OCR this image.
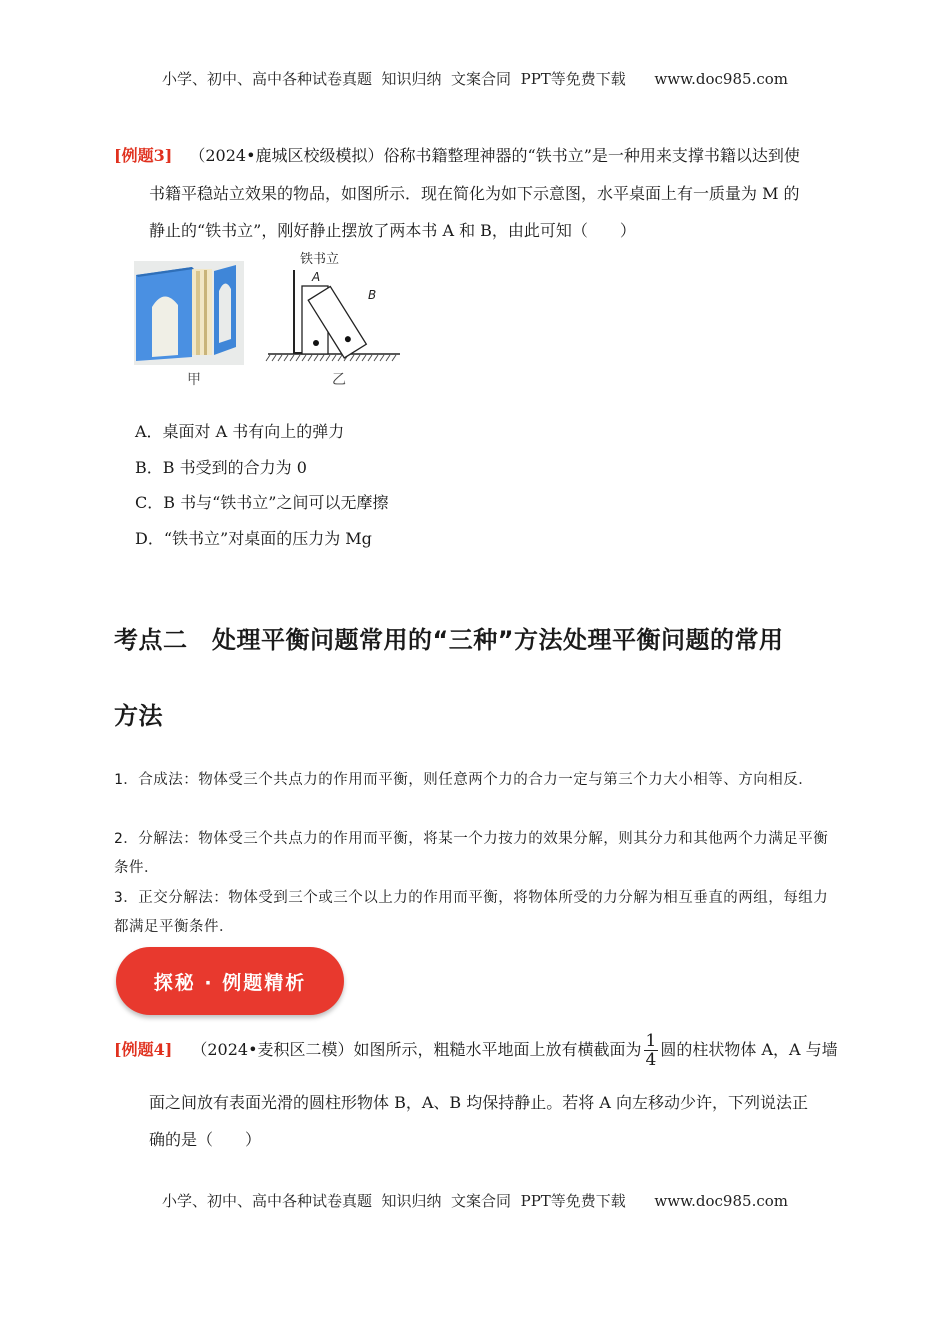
小学、初中、高中各种试卷真题  知识归纳  文案合同  PPT等免费下载      www.doc985.com
[例题3] （2024•鹿城区校级模拟）俗称书籍整理神器的“铁书立”是一种用来支撑书籍以达到使
书籍平稳站立效果的物品，如图所示．现在简化为如下示意图，水平桌面上有一质量为 M 的
静止的“铁书立”，刚好静止摆放了两本书 A 和 B，由此可知（　　）
甲
铁书立
A
B
乙
A．桌面对 A 书有向上的弹力
B．B 书受到的合力为 0
C．B 书与“铁书立”之间可以无摩擦
D．“铁书立”对桌面的压力为 Mg
考点二　处理平衡问题常用的“三种”方法处理平衡问题的常用
方法
1．合成法：物体受三个共点力的作用而平衡，则任意两个力的合力一定与第三个力大小相等、方向相反．
2．分解法：物体受三个共点力的作用而平衡，将某一个力按力的效果分解，则其分力和其他两个力满足平衡条件．
3．正交分解法：物体受到三个或三个以上力的作用而平衡，将物体所受的力分解为相互垂直的两组，每组力都满足平衡条件．
探秘 · 例题精析
[例题4] （2024•麦积区二模）如图所示，粗糙水平地面上放有横截面为 $\frac{1}{4}$ 圆的柱状物体 A，A 与墙
面之间放有表面光滑的圆柱形物体 B，A、B 均保持静止。若将 A 向左移动少许，下列说法正
确的是（　　）
小学、初中、高中各种试卷真题  知识归纳  文案合同  PPT等免费下载      www.doc985.com
